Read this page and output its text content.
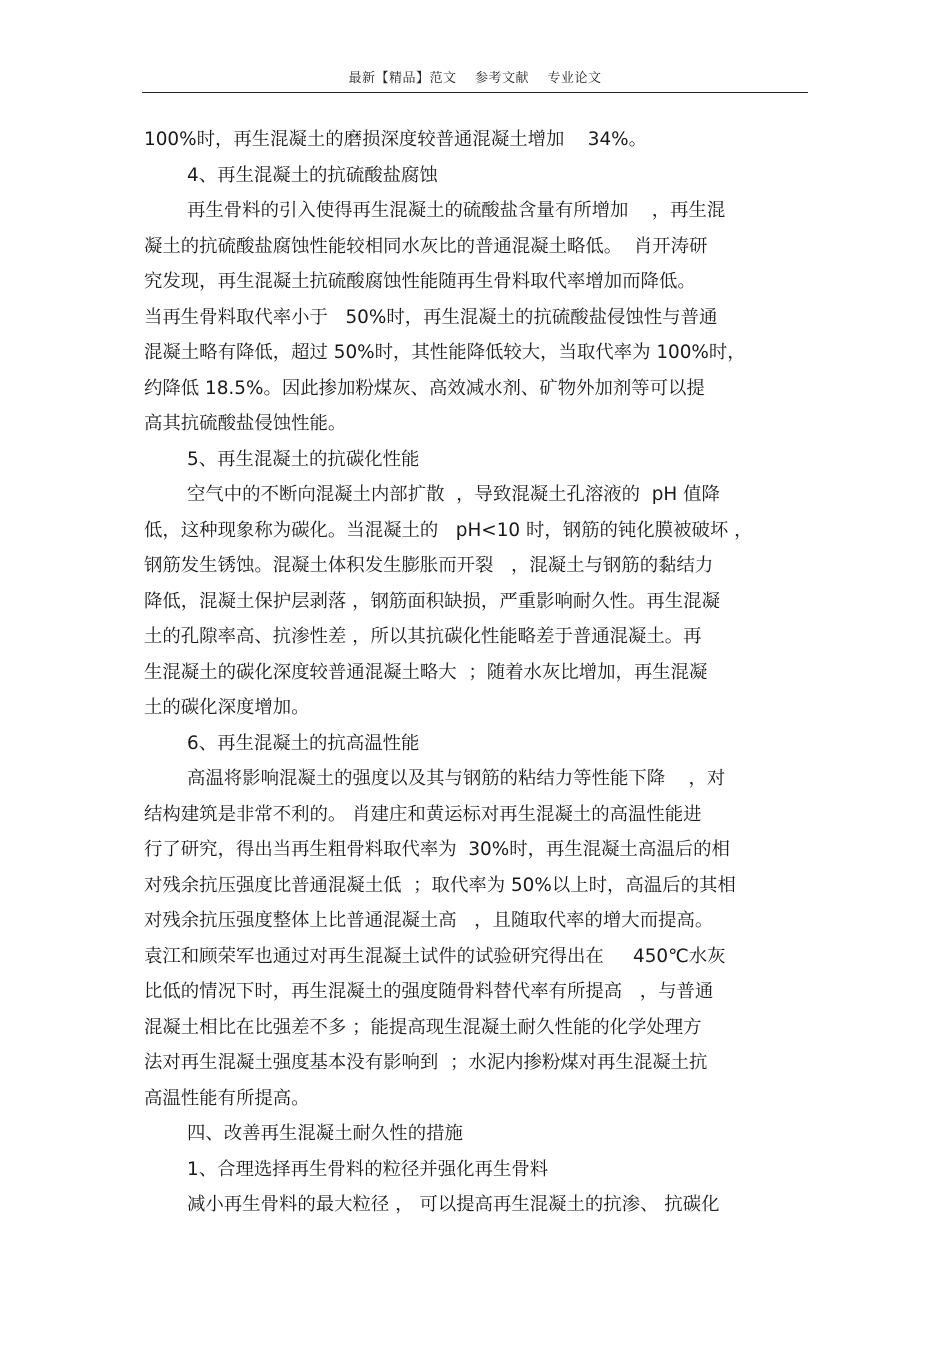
最新【精品】范文    参考文献    专业论文
100%时，再生混凝土的磨损深度较普通混凝土增加    34%。
4、再生混凝土的抗硫酸盐腐蚀
再生骨料的引入使得再生混凝土的硫酸盐含量有所增加    ，再生混
凝土的抗硫酸盐腐蚀性能较相同水灰比的普通混凝土略低。  肖开涛研
究发现，再生混凝土抗硫酸腐蚀性能随再生骨料取代率增加而降低。
当再生骨料取代率小于   50%时，再生混凝土的抗硫酸盐侵蚀性与普通
混凝土略有降低，超过 50%时，其性能降低较大，当取代率为 100%时，
约降低 18.5%。因此掺加粉煤灰、高效减水剂、矿物外加剂等可以提
高其抗硫酸盐侵蚀性能。
5、再生混凝土的抗碳化性能
空气中的不断向混凝土内部扩散  ，导致混凝土孔溶液的  pH 值降
低，这种现象称为碳化。当混凝土的   pH<10 时，钢筋的钝化膜被破坏 ，
钢筋发生锈蚀。混凝土体积发生膨胀而开裂   ，混凝土与钢筋的黏结力
降低，混凝土保护层剥落 ，钢筋面积缺损，严重影响耐久性。再生混凝
土的孔隙率高、抗渗性差 ，所以其抗碳化性能略差于普通混凝土。再
生混凝土的碳化深度较普通混凝土略大  ；随着水灰比增加，再生混凝
土的碳化深度增加。
6、再生混凝土的抗高温性能
高温将影响混凝土的强度以及其与钢筋的粘结力等性能下降    ，对
结构建筑是非常不利的。 肖建庄和黄运标对再生混凝土的高温性能进
行了研究，得出当再生粗骨料取代率为  30%时，再生混凝土高温后的相
对残余抗压强度比普通混凝土低  ；取代率为 50%以上时，高温后的其相
对残余抗压强度整体上比普通混凝土高   ，且随取代率的增大而提高。
袁江和顾荣军也通过对再生混凝土试件的试验研究得出在     450℃水灰
比低的情况下时，再生混凝土的强度随骨料替代率有所提高   ，与普通
混凝土相比在比强差不多 ；能提高现生混凝土耐久性能的化学处理方
法对再生混凝土强度基本没有影响到  ；水泥内掺粉煤对再生混凝土抗
高温性能有所提高。
四、改善再生混凝土耐久性的措施
1、合理选择再生骨料的粒径并强化再生骨料
减小再生骨料的最大粒径 ， 可以提高再生混凝土的抗渗、 抗碳化
